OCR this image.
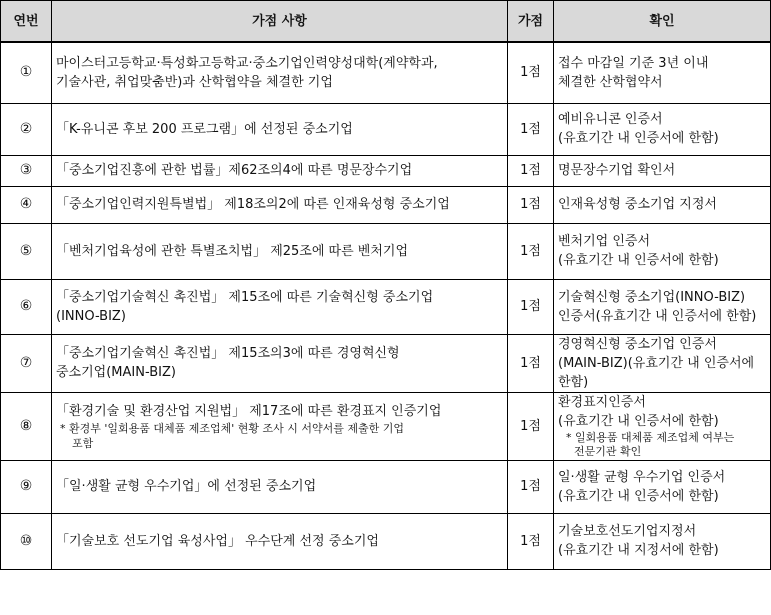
연번	가점 사항	가점	확인
①	마이스터고등학교·특성화고등학교·중소기업인력양성대학(계약학과,
기술사관, 취업맞춤반)과 산학협약을 체결한 기업	1점	접수 마감일 기준 3년 이내
체결한 산학협약서

②	「K-유니콘 후보 200 프로그램」에 선정된 중소기업	1점	예비유니콘 인증서
(유효기간 내 인증서에 한함)

③	「중소기업진흥에 관한 법률」제62조의4에 따른 명문장수기업	1점	명문장수기업 확인서

④	「중소기업인력지원특별법」 제18조의2에 따른 인재육성형 중소기업	1점	인재육성형 중소기업 지정서

⑤	「벤처기업육성에 관한 특별조치법」 제25조에 따른 벤처기업	1점	벤처기업 인증서
(유효기간 내 인증서에 한함)

⑥	「중소기업기술혁신 촉진법」 제15조에 따른 기술혁신형 중소기업
(INNO-BIZ)	1점	기술혁신형 중소기업(INNO-BIZ)
인증서(유효기간 내 인증서에 한함)

⑦	「중소기업기술혁신 촉진법」 제15조의3에 따른 경영혁신형
중소기업(MAIN-BIZ)	1점	경영혁신형 중소기업 인증서
(MAIN-BIZ)(유효기간 내 인증서에 한함)

⑧	「환경기술 및 환경산업 지원법」 제17조에 따른 환경표지 인증기업
* 환경부 '일회용품 대체품 제조업체' 현황 조사 시 서약서를 제출한 기업
포함	1점	환경표지인증서
(유효기간 내 인증서에 한함)
* 일회용품 대체품 제조업체 여부는
전문기관 확인

⑨	「일·생활 균형 우수기업」에 선정된 중소기업	1점	일·생활 균형 우수기업 인증서
(유효기간 내 인증서에 한함)

⑩	「기술보호 선도기업 육성사업」 우수단계 선정 중소기업	1점	기술보호선도기업지정서
(유효기간 내 지정서에 한함)
